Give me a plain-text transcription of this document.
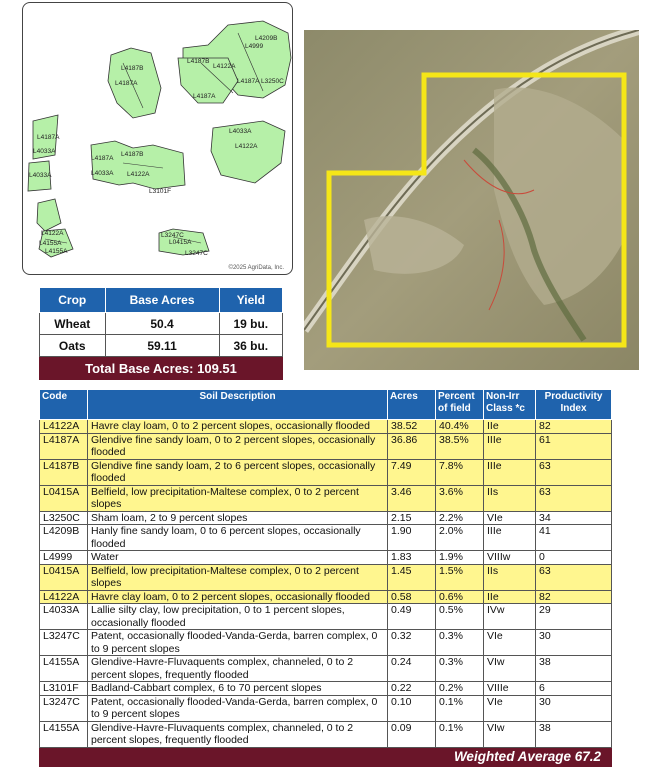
L4209B
L4999
L4187B
L4122A
L4187B
L4187A	L3250C
L4187A
L4187A
L4033A
L4187A
L4187A
L4187B
L4033A
L4122A
L3101F
L4122A
L4033A
L4033A
L4122A	L3247C
L0415A
L4155A
L3247C
L4155A
©2025 AgriData, Inc.
Crop	Base Acres	Yield
Wheat	50.4	19 bu.
Oats	59.11	36 bu.
Total Base Acres: 109.51		
Code	Soil Description	Acres	Percent of field	Non-Irr Class *c	Productivity Index
L4122A	Havre clay loam, 0 to 2 percent slopes, occasionally flooded	38.52	40.4%	IIe	82
L4187A	Glendive fine sandy loam, 0 to 2 percent slopes, occasionally flooded	36.86	38.5%	IIIe	61
L4187B	Glendive fine sandy loam, 2 to 6 percent slopes, occasionally flooded	7.49	7.8%	IIIe	63
L0415A	Belfield, low precipitation-Maltese complex, 0 to 2 percent slopes	3.46	3.6%	IIs	63
L3250C	Sham loam, 2 to 9 percent slopes	2.15	2.2%	VIe	34
L4209B	Hanly fine sandy loam, 0 to 6 percent slopes, occasionally flooded	1.90	2.0%	IIIe	41
L4999	Water	1.83	1.9%	VIIIw	0
L0415A	Belfield, low precipitation-Maltese complex, 0 to 2 percent slopes	1.45	1.5%	IIs	63
L4122A	Havre clay loam, 0 to 2 percent slopes, occasionally flooded	0.58	0.6%	IIe	82
L4033A	Lallie silty clay, low precipitation, 0 to 1 percent slopes, occasionally flooded	0.49	0.5%	IVw	29
L3247C	Patent, occasionally flooded-Vanda-Gerda, barren complex, 0 to 9 percent slopes	0.32	0.3%	VIe	30
L4155A	Glendive-Havre-Fluvaquents complex, channeled, 0 to 2 percent slopes, frequently flooded	0.24	0.3%	VIw	38
L3101F	Badland-Cabbart complex, 6 to 70 percent slopes	0.22	0.2%	VIIIe	6
L3247C	Patent, occasionally flooded-Vanda-Gerda, barren complex, 0 to 9 percent slopes	0.10	0.1%	VIe	30
L4155A	Glendive-Havre-Fluvaquents complex, channeled, 0 to 2 percent slopes, frequently flooded	0.09	0.1%	VIw	38
Weighted Average 67.2					
